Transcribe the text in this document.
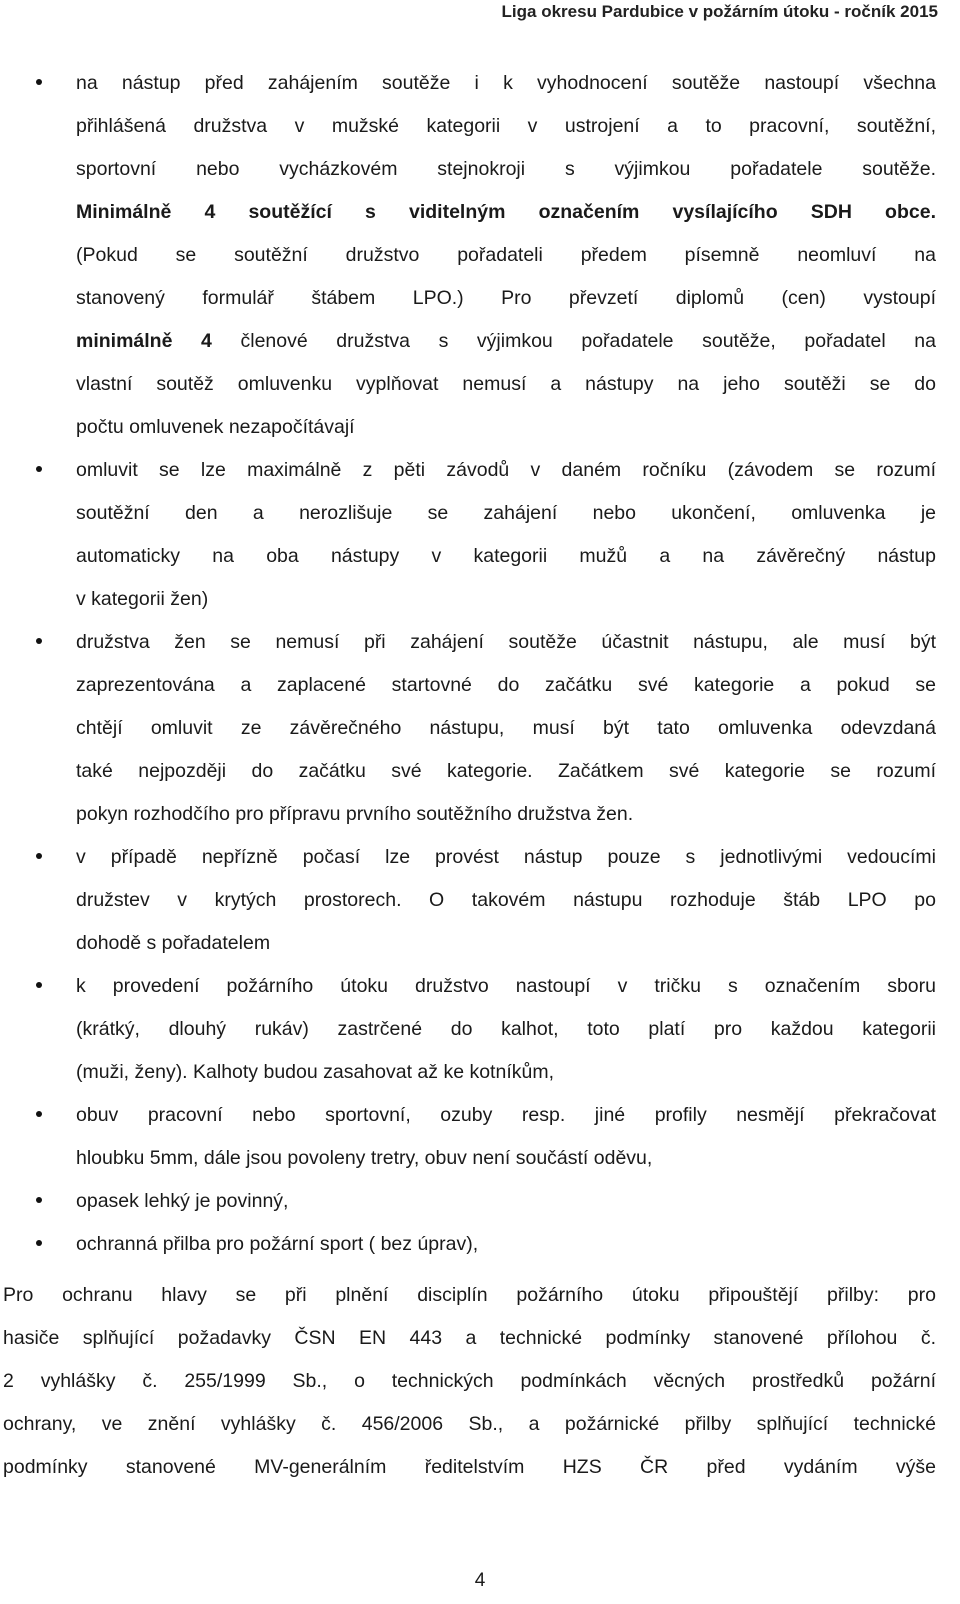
Liga okresu Pardubice v požárním útoku - ročník 2015
na nástup před zahájením soutěže i k vyhodnocení soutěže nastoupí všechna
přihlášená družstva v mužské kategorii v ustrojení a to pracovní, soutěžní,
sportovní nebo vycházkovém stejnokroji s výjimkou pořadatele soutěže.
Minimálně 4 soutěžící s viditelným označením vysílajícího SDH obce.
(Pokud se soutěžní družstvo pořadateli předem písemně neomluví na
stanovený formulář štábem LPO.) Pro převzetí diplomů (cen) vystoupí
minimálně 4 členové družstva s výjimkou pořadatele soutěže, pořadatel na
vlastní soutěž omluvenku vyplňovat nemusí a nástupy na jeho soutěži se do
počtu omluvenek nezapočítávají
omluvit se lze maximálně z pěti závodů v daném ročníku (závodem se rozumí
soutěžní den a nerozlišuje se zahájení nebo ukončení, omluvenka je
automaticky na oba nástupy v kategorii mužů a na závěrečný nástup
v kategorii žen)
družstva žen se nemusí při zahájení soutěže účastnit nástupu, ale musí být
zaprezentována a zaplacené startovné do začátku své kategorie a pokud se
chtějí omluvit ze závěrečného nástupu, musí být tato omluvenka odevzdaná
také nejpozději do začátku své kategorie. Začátkem své kategorie se rozumí
pokyn rozhodčího pro přípravu prvního soutěžního družstva žen.
v případě nepřízně počasí lze provést nástup pouze s jednotlivými vedoucími
družstev v krytých prostorech. O takovém nástupu rozhoduje štáb LPO po
dohodě s pořadatelem
k provedení požárního útoku družstvo nastoupí v tričku s označením sboru
(krátký, dlouhý rukáv) zastrčené do kalhot, toto platí pro každou kategorii
(muži, ženy). Kalhoty budou zasahovat až ke kotníkům,
obuv pracovní nebo sportovní, ozuby resp. jiné profily nesmějí překračovat
hloubku 5mm, dále jsou povoleny tretry, obuv není součástí oděvu,
opasek lehký je povinný,
ochranná přilba pro požární sport ( bez úprav),
Pro ochranu hlavy se při plnění disciplín požárního útoku připouštějí přilby: pro
hasiče splňující požadavky ČSN EN 443 a technické podmínky stanovené přílohou č.
2 vyhlášky č. 255/1999 Sb., o technických podmínkách věcných prostředků požární
ochrany, ve znění vyhlášky č. 456/2006 Sb., a požárnické přilby splňující technické
podmínky stanovené MV-generálním ředitelstvím HZS ČR před vydáním výše
4
